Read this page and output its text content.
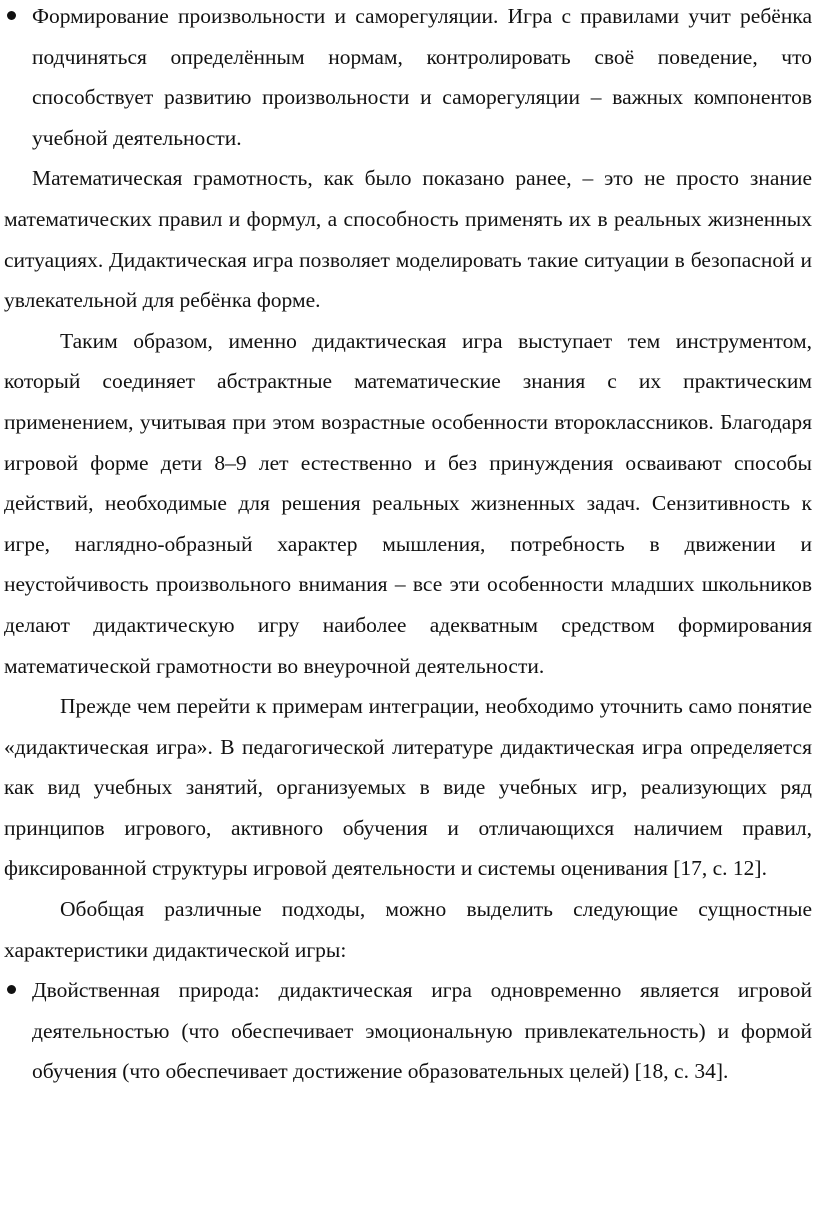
Формирование произвольности и саморегуляции. Игра с правилами учит ребёнка подчиняться определённым нормам, контролировать своё поведение, что способствует развитию произвольности и саморегуляции – важных компонентов учебной деятельности.

Математическая грамотность, как было показано ранее, – это не просто знание математических правил и формул, а способность применять их в реальных жизненных ситуациях. Дидактическая игра позволяет моделировать такие ситуации в безопасной и увлекательной для ребёнка форме.

Таким образом, именно дидактическая игра выступает тем инструментом, который соединяет абстрактные математические знания с их практическим применением, учитывая при этом возрастные особенности второклассников. Благодаря игровой форме дети 8–9 лет естественно и без принуждения осваивают способы действий, необходимые для решения реальных жизненных задач. Сензитивность к игре, наглядно-образный характер мышления, потребность в движении и неустойчивость произвольного внимания – все эти особенности младших школьников делают дидактическую игру наиболее адекватным средством формирования математической грамотности во внеурочной деятельности.

Прежде чем перейти к примерам интеграции, необходимо уточнить само понятие «дидактическая игра». В педагогической литературе дидактическая игра определяется как вид учебных занятий, организуемых в виде учебных игр, реализующих ряд принципов игрового, активного обучения и отличающихся наличием правил, фиксированной структуры игровой деятельности и системы оценивания [17, с. 12].

Обобщая различные подходы, можно выделить следующие сущностные характеристики дидактической игры:

Двойственная природа: дидактическая игра одновременно является игровой деятельностью (что обеспечивает эмоциональную привлекательность) и формой обучения (что обеспечивает достижение образовательных целей) [18, с. 34].
